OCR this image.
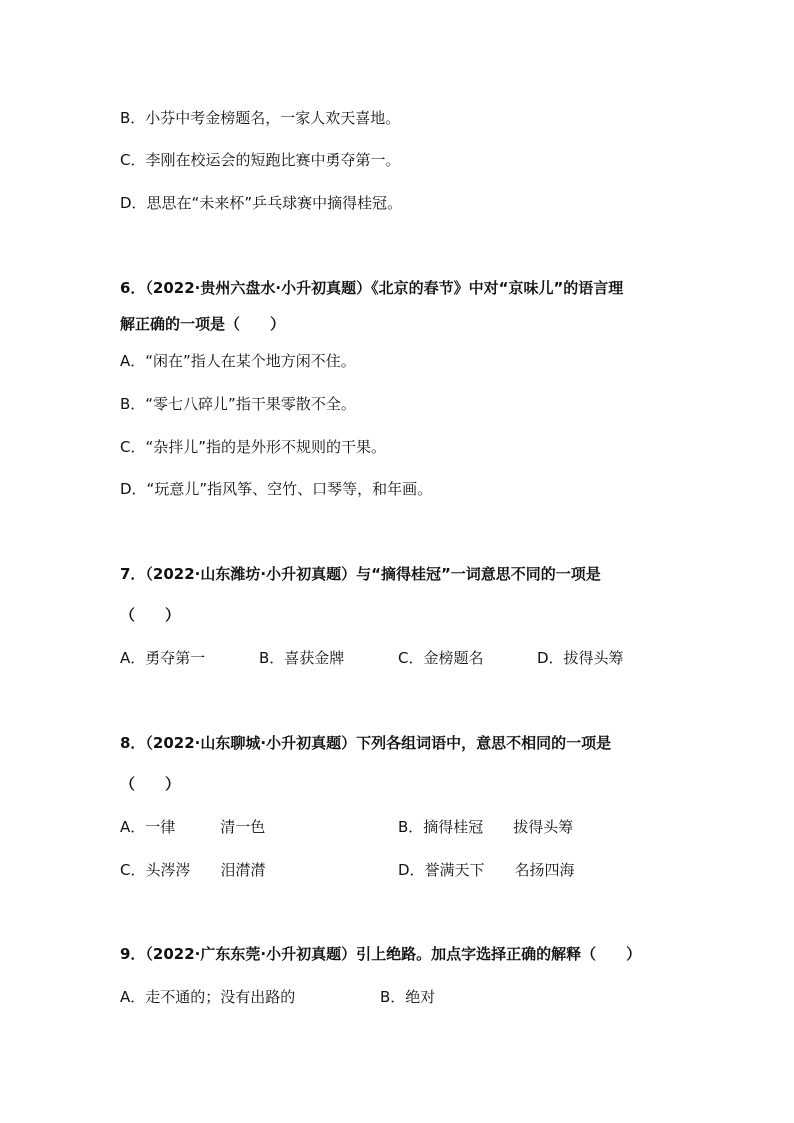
B．小芬中考金榜题名，一家人欢天喜地。
C．李刚在校运会的短跑比赛中勇夺第一。
D．思思在“未来杯”乒乓球赛中摘得桂冠。
6．（2022·贵州六盘水·小升初真题）《北京的春节》中对“京味儿”的语言理
解正确的一项是（　　）
A．“闲在”指人在某个地方闲不住。
B．“零七八碎儿”指干果零散不全。
C．“杂拌儿”指的是外形不规则的干果。
D．“玩意儿”指风筝、空竹、口琴等，和年画。
7．（2022·山东潍坊·小升初真题）与“摘得桂冠”一词意思不同的一项是
（　　）
A．勇夺第一	B．喜获金牌	C．金榜题名	D．拔得头筹
8．（2022·山东聊城·小升初真题）下列各组词语中，意思不相同的一项是
（　　）
A．一律　　　清一色	B．摘得桂冠　　拔得头筹
C．头涔涔　　泪潸潸	D．誉满天下　　名扬四海
9．（2022·广东东莞·小升初真题）引上绝路。加点字选择正确的解释（　　）
A．走不通的；没有出路的	B．绝对
